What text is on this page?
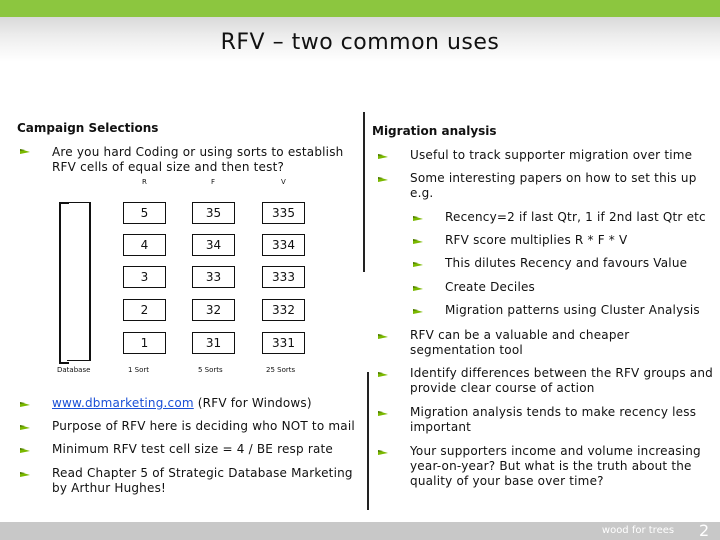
RFV – two common uses
Campaign Selections
Are you hard Coding or using sorts to establish RFV cells of equal size and then test?
R	F	V
5	35	335
4	34	334
3	33	333
2	32	332
1	31	331
Database	1 Sort	5 Sorts	25 Sorts
www.dbmarketing.com (RFV for Windows)
Purpose of RFV here is deciding who NOT to mail
Minimum RFV test cell size = 4 / BE resp rate
Read Chapter 5 of Strategic Database Marketing by Arthur Hughes!
Migration analysis
Useful to track supporter migration over time
Some interesting papers on how to set this up e.g.
Recency=2 if last Qtr, 1 if 2nd last Qtr etc
RFV score multiplies R * F * V
This dilutes Recency and favours Value
Create Deciles
Migration patterns using Cluster Analysis
RFV can be a valuable and cheaper segmentation tool
Identify differences between the RFV groups and provide clear course of action
Migration analysis tends to make recency less important
Your supporters income and volume increasing year-on-year? But what is the truth about the quality of your base over time?
wood for trees	2
